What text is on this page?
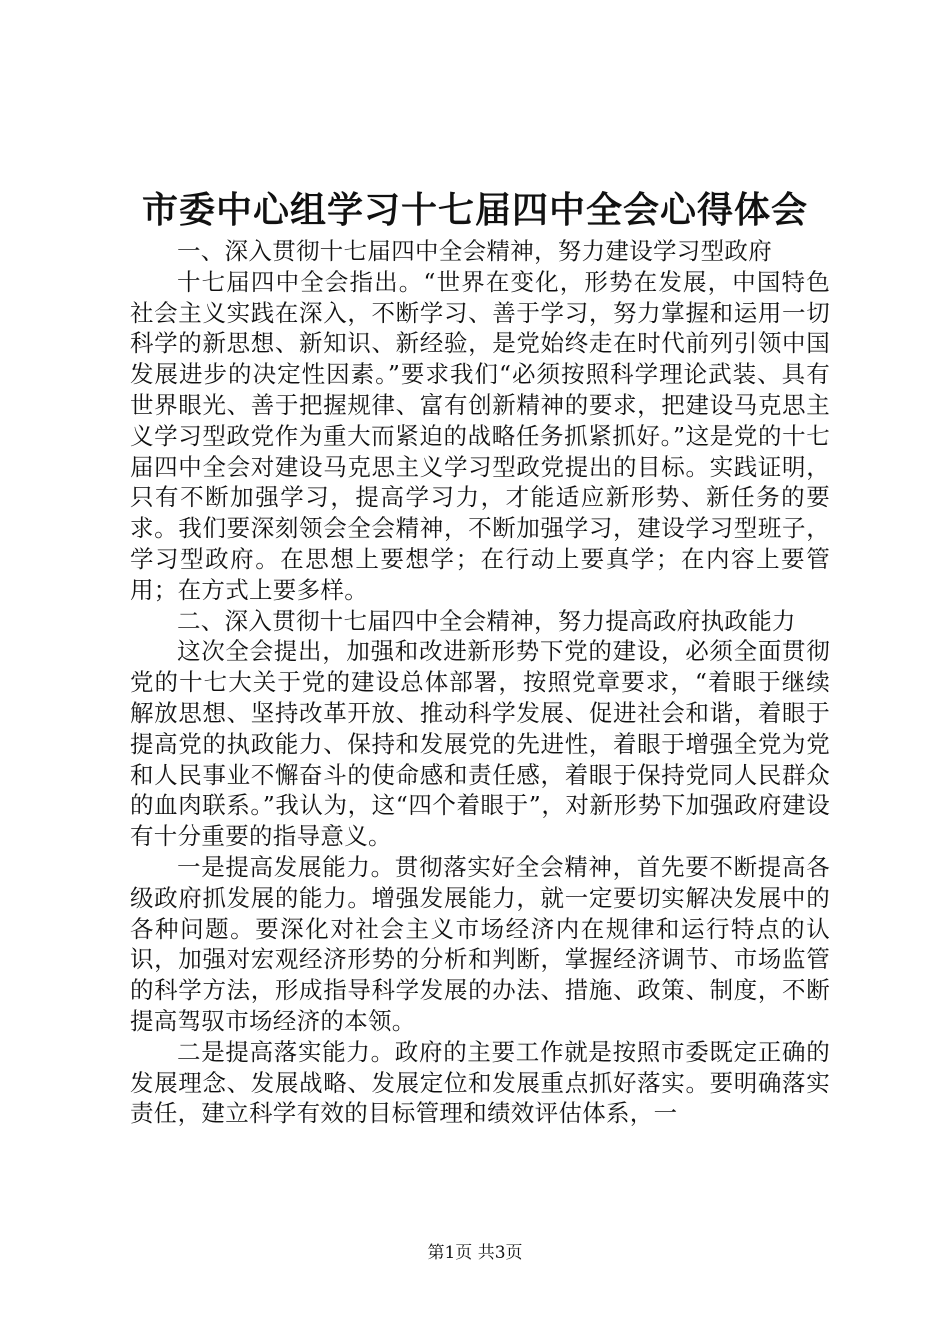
市委中心组学习十七届四中全会心得体会

一、深入贯彻十七届四中全会精神，努力建设学习型政府

十七届四中全会指出。“世界在变化，形势在发展，中国特色社会主义实践在深入，不断学习、善于学习，努力掌握和运用一切科学的新思想、新知识、新经验，是党始终走在时代前列引领中国发展进步的决定性因素。”要求我们“必须按照科学理论武装、具有世界眼光、善于把握规律、富有创新精神的要求，把建设马克思主义学习型政党作为重大而紧迫的战略任务抓紧抓好。”这是党的十七届四中全会对建设马克思主义学习型政党提出的目标。实践证明，只有不断加强学习，提高学习力，才能适应新形势、新任务的要求。我们要深刻领会全会精神，不断加强学习，建设学习型班子，学习型政府。在思想上要想学；在行动上要真学；在内容上要管用；在方式上要多样。

二、深入贯彻十七届四中全会精神，努力提高政府执政能力

这次全会提出，加强和改进新形势下党的建设，必须全面贯彻党的十七大关于党的建设总体部署，按照党章要求，“着眼于继续解放思想、坚持改革开放、推动科学发展、促进社会和谐，着眼于提高党的执政能力、保持和发展党的先进性，着眼于增强全党为党和人民事业不懈奋斗的使命感和责任感，着眼于保持党同人民群众的血肉联系。”我认为，这“四个着眼于”，对新形势下加强政府建设有十分重要的指导意义。

一是提高发展能力。贯彻落实好全会精神，首先要不断提高各级政府抓发展的能力。增强发展能力，就一定要切实解决发展中的各种问题。要深化对社会主义市场经济内在规律和运行特点的认识，加强对宏观经济形势的分析和判断，掌握经济调节、市场监管的科学方法，形成指导科学发展的办法、措施、政策、制度，不断提高驾驭市场经济的本领。

二是提高落实能力。政府的主要工作就是按照市委既定正确的发展理念、发展战略、发展定位和发展重点抓好落实。要明确落实责任，建立科学有效的目标管理和绩效评估体系，一

第1页 共3页
